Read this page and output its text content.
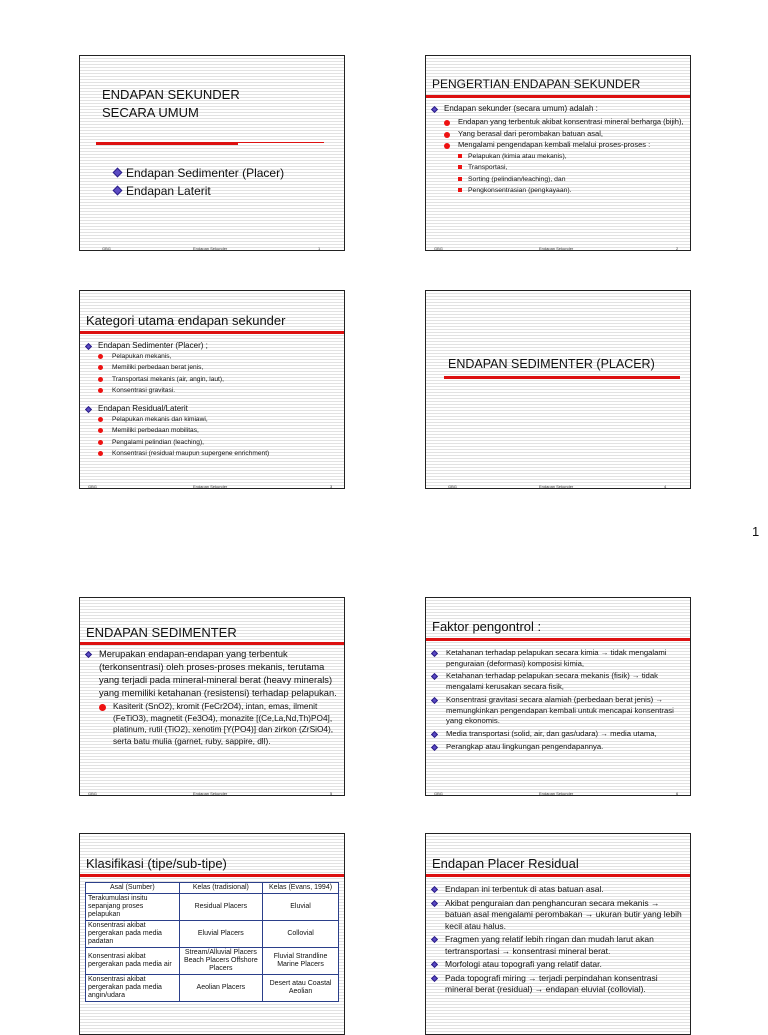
ENDAPAN SEKUNDER
SECARA UMUM
Endapan Sedimenter (Placer)
Endapan Laterit
GBG	Endapan Sekunder	1
PENGERTIAN ENDAPAN SEKUNDER
Endapan sekunder (secara umum) adalah :
Endapan yang terbentuk akibat konsentrasi mineral berharga (bijih),
Yang berasal dari perombakan batuan asal,
Mengalami pengendapan kembali melalui proses-proses :
Pelapukan (kimia atau mekanis),
Transportasi,
Sorting (pelindian/leaching), dan
Pengkonsentrasian (pengkayaan).
GBG	Endapan Sekunder	2
Kategori utama endapan sekunder
Endapan Sedimenter (Placer) ;
Pelapukan mekanis,
Memiliki perbedaan berat jenis,
Transportasi mekanis (air, angin, laut),
Konsentrasi gravitasi.
Endapan Residual/Laterit
Pelapukan mekanis dan kimiawi,
Memiliki perbedaan mobilitas,
Pengalami pelindian (leaching),
Konsentrasi (residual maupun supergene enrichment)
GBG	Endapan Sekunder	3
ENDAPAN SEDIMENTER (PLACER)
GBG	Endapan Sekunder	4
1
ENDAPAN SEDIMENTER
Merupakan endapan-endapan yang terbentuk (terkonsentrasi) oleh proses-proses mekanis, terutama yang terjadi pada mineral-mineral berat (heavy minerals) yang memiliki ketahanan (resistensi) terhadap pelapukan.
Kasiterit (SnO2), kromit (FeCr2O4), intan, emas, ilmenit (FeTiO3), magnetit (Fe3O4), monazite [(Ce,La,Nd,Th)PO4], platinum, rutil (TiO2), xenotim [Y(PO4)] dan zirkon (ZrSiO4), serta batu mulia (garnet, ruby, sappire, dll).
GBG	Endapan Sekunder	5
Faktor pengontrol :
Ketahanan terhadap pelapukan secara kimia → tidak mengalami penguraian (deformasi) komposisi kimia,
Ketahanan terhadap pelapukan secara mekanis (fisik) → tidak mengalami kerusakan secara fisik,
Konsentrasi gravitasi secara alamiah (perbedaan berat jenis) → memungkinkan pengendapan kembali untuk mencapai konsentrasi yang ekonomis.
Media transportasi (solid, air, dan gas/udara) → media utama,
Perangkap atau lingkungan pengendapannya.
GBG	Endapan Sekunder	6
Klasifikasi (tipe/sub-tipe)
Asal (Sumber)	Kelas (tradisional)	Kelas (Evans, 1994)
Terakumulasi insitu sepanjang proses pelapukan	Residual Placers	Eluvial
Konsentrasi akibat pergerakan pada media padatan	Eluvial Placers	Collovial
Konsentrasi akibat pergerakan pada media air	Stream/Alluvial Placers Beach Placers Offshore Placers	Fluvial Strandline Marine Placers
Konsentrasi akibat pergerakan pada media angin/udara	Aeolian Placers	Desert atau Coastal Aeolian
Endapan Placer Residual
Endapan ini terbentuk di atas batuan asal.
Akibat penguraian dan penghancuran secara mekanis → batuan asal mengalami perombakan → ukuran butir yang lebih kecil atau halus.
Fragmen yang relatif lebih ringan dan mudah larut akan tertransportasi → konsentrasi mineral berat.
Morfologi atau topografi yang relatif datar.
Pada topografi miring → terjadi perpindahan konsentrasi mineral berat (residual) → endapan eluvial (collovial).
